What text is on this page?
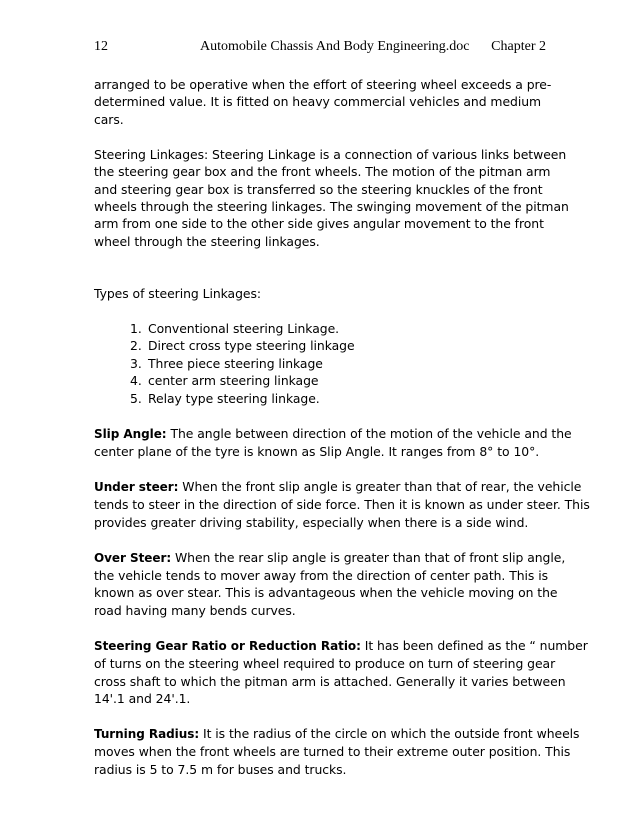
12	Automobile Chassis And Body Engineering.doc Chapter 2

arranged to be operative when the effort of steering wheel exceeds a pre-
determined value. It is fitted on heavy commercial vehicles and medium
cars.

Steering Linkages: Steering Linkage is a connection of various links between
the steering gear box and the front wheels. The motion of the pitman arm
and steering gear box is transferred so the steering knuckles of the front
wheels through the steering linkages. The swinging movement of the pitman
arm from one side to the other side gives angular movement to the front
wheel through the steering linkages.

Types of steering Linkages:

1. Conventional steering Linkage.
2. Direct cross type steering linkage
3. Three piece steering linkage
4. center arm steering linkage
5. Relay type steering linkage.

Slip Angle: The angle between direction of the motion of the vehicle and the
center plane of the tyre is known as Slip Angle. It ranges from 8° to 10°.

Under steer: When the front slip angle is greater than that of rear, the vehicle
tends to steer in the direction of side force. Then it is known as under steer. This
provides greater driving stability, especially when there is a side wind.

Over Steer: When the rear slip angle is greater than that of front slip angle,
the vehicle tends to mover away from the direction of center path. This is
known as over stear. This is advantageous when the vehicle moving on the
road having many bends curves.

Steering Gear Ratio or Reduction Ratio: It has been defined as the “ number
of turns on the steering wheel required to produce on turn of steering gear
cross shaft to which the pitman arm is attached. Generally it varies between
14'.1 and 24'.1.

Turning Radius: It is the radius of the circle on which the outside front wheels
moves when the front wheels are turned to their extreme outer position. This
radius is 5 to 7.5 m for buses and trucks.
